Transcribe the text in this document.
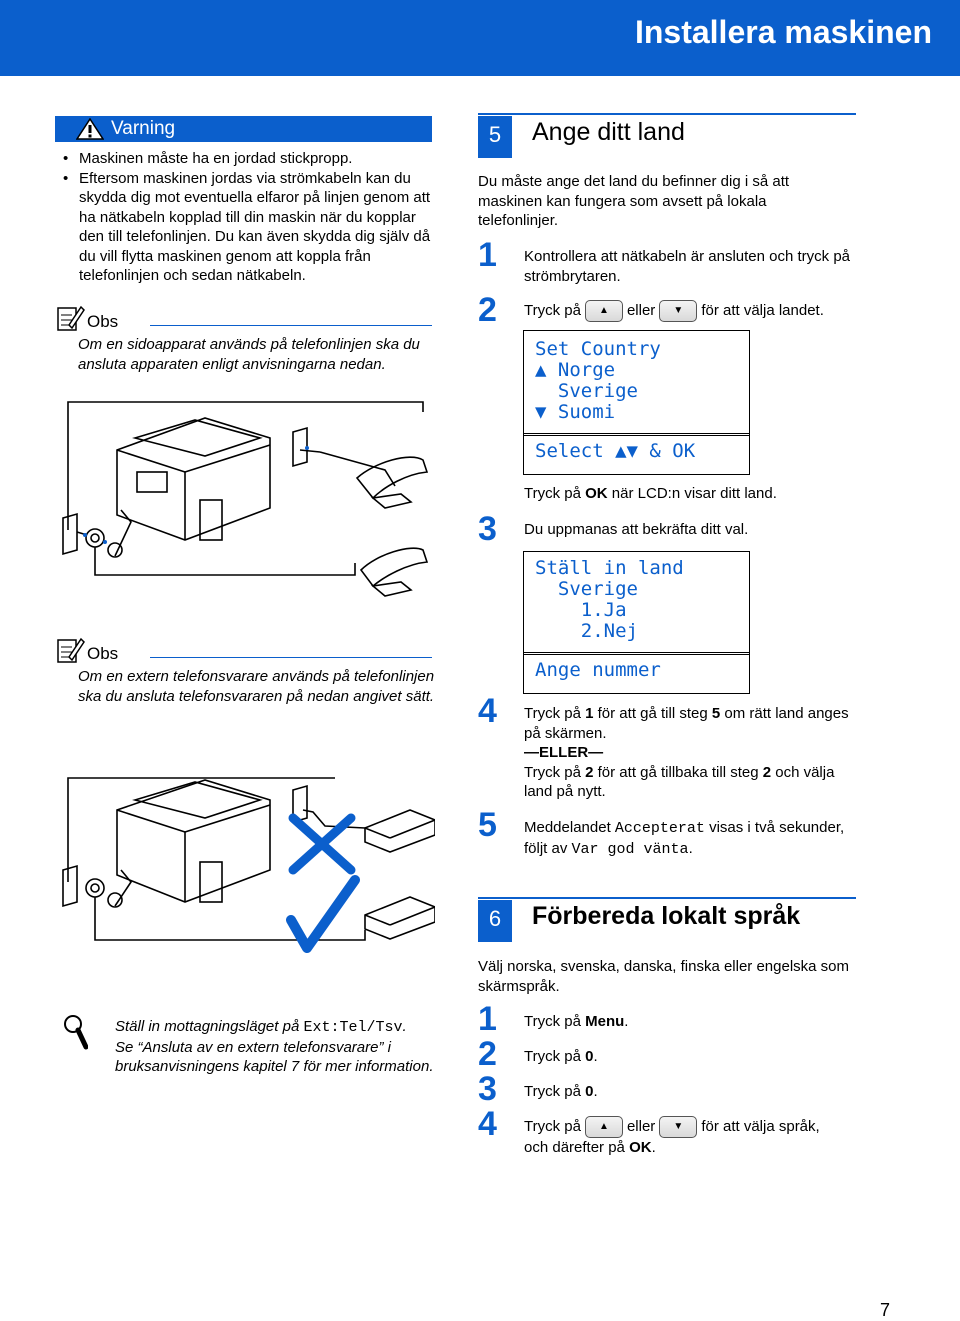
Installera maskinen
Varning
• Maskinen måste ha en jordad stickpropp.
• Eftersom maskinen jordas via strömkabeln kan du skydda dig mot eventuella elfaror på linjen genom att ha nätkabeln kopplad till din maskin när du kopplar den till telefonlinjen. Du kan även skydda dig själv då du vill flytta maskinen genom att koppla från telefonlinjen och sedan nätkabeln.
Obs
Om en sidoapparat används på telefonlinjen ska du ansluta apparaten enligt anvisningarna nedan.
Obs
Om en extern telefonsvarare används på telefonlinjen ska du ansluta telefonsvararen på nedan angivet sätt.
Ställ in mottagningsläget på Ext:Tel/Tsv.
Se “Ansluta av en extern telefonsvarare” i bruksanvisningens kapitel 7 för mer information.
5	Ange ditt land
Du måste ange det land du befinner dig i så att maskinen kan fungera som avsett på lokala telefonlinjer.
1 Kontrollera att nätkabeln är ansluten och tryck på strömbrytaren.
2 Tryck på ▲ eller ▼ för att välja landet.
Set Country
▲ Norge
Sverige
▼ Suomi
Select ▲▼ & OK
Tryck på OK när LCD:n visar ditt land.
3 Du uppmanas att bekräfta ditt val.
Ställ in land
Sverige
1.Ja
2.Nej
Ange nummer
4 Tryck på 1 för att gå till steg 5 om rätt land anges på skärmen.
—ELLER—
Tryck på 2 för att gå tillbaka till steg 2 och välja land på nytt.
5 Meddelandet Accepterat visas i två sekunder, följt av Var god vänta.
6	Förbereda lokalt språk
Välj norska, svenska, danska, finska eller engelska som skärmspråk.
1 Tryck på Menu.
2 Tryck på 0.
3 Tryck på 0.
4 Tryck på ▲ eller ▼ för att välja språk,
och därefter på OK.
7
